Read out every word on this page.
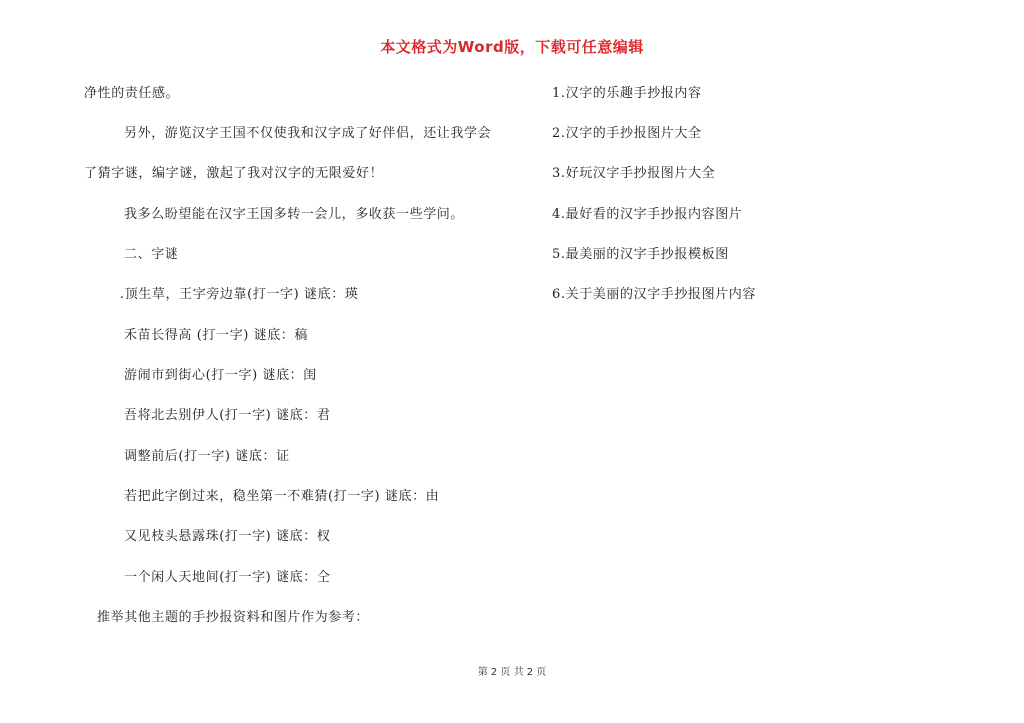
本文格式为Word版，下载可任意编辑
净性的责任感。
另外，游览汉字王国不仅使我和汉字成了好伴侣，还让我学会
了猜字谜，编字谜，激起了我对汉字的无限爱好！
我多么盼望能在汉字王国多转一会儿，多收获一些学问。
二、字谜
.顶生草，王字旁边靠(打一字) 谜底：瑛
禾苗长得高 (打一字) 谜底：稿
游闹市到街心(打一字) 谜底：闺
吾将北去别伊人(打一字) 谜底：君
调整前后(打一字) 谜底：证
若把此字倒过来，稳坐第一不难猜(打一字) 谜底：由
又见枝头悬露珠(打一字) 谜底：杈
一个闲人天地间(打一字) 谜底：仝
推举其他主题的手抄报资料和图片作为参考：
1.汉字的乐趣手抄报内容
2.汉字的手抄报图片大全
3.好玩汉字手抄报图片大全
4.最好看的汉字手抄报内容图片
5.最美丽的汉字手抄报模板图
6.关于美丽的汉字手抄报图片内容
第 2 页 共 2 页
